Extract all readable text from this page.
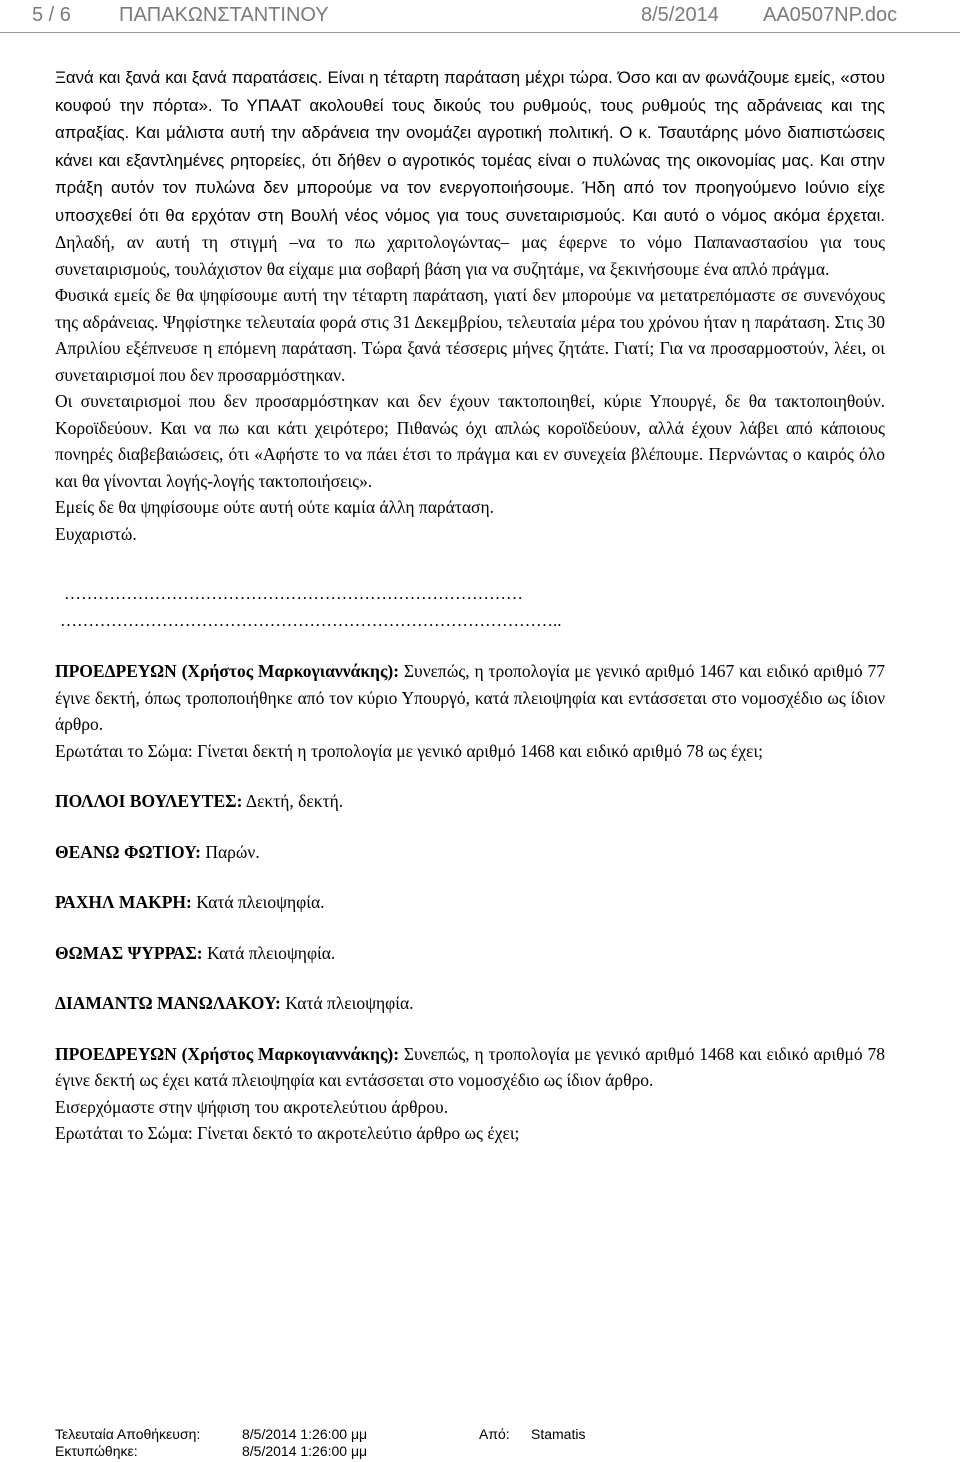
5 / 6 ΠΑΠΑΚΩΝΣΤΑΝΤΙΝΟΥ	8/5/2014 AA0507NP.doc

Ξανά και ξανά και ξανά παρατάσεις. Είναι η τέταρτη παράταση μέχρι τώρα. Όσο και αν φωνάζουμε εμείς, «στου κουφού την πόρτα». Το ΥΠΑΑΤ ακολουθεί τους δικούς του ρυθμούς, τους ρυθμούς της αδράνειας και της απραξίας. Και μάλιστα αυτή την αδράνεια την ονομάζει αγροτική πολιτική. Ο κ. Τσαυτάρης μόνο διαπιστώσεις κάνει και εξαντλημένες ρητορείες, ότι δήθεν ο αγροτικός τομέας είναι ο πυλώνας της οικονομίας μας. Και στην πράξη αυτόν τον πυλώνα δεν μπορούμε να τον ενεργοποιήσουμε. Ήδη από τον προηγούμενο Ιούνιο είχε υποσχεθεί ότι θα ερχόταν στη Βουλή νέος νόμος για τους συνεταιρισμούς. Και αυτό ο νόμος ακόμα έρχεται. Δηλαδή, αν αυτή τη στιγμή –να το πω χαριτολογώντας– μας έφερνε το νόμο Παπαναστασίου για τους συνεταιρισμούς, τουλάχιστον θα είχαμε μια σοβαρή βάση για να συζητάμε, να ξεκινήσουμε ένα απλό πράγμα.

Φυσικά εμείς δε θα ψηφίσουμε αυτή την τέταρτη παράταση, γιατί δεν μπορούμε να μετατρεπόμαστε σε συνενόχους της αδράνειας. Ψηφίστηκε τελευταία φορά στις 31 Δεκεμβρίου, τελευταία μέρα του χρόνου ήταν η παράταση. Στις 30 Απριλίου εξέπνευσε η επόμενη παράταση. Τώρα ξανά τέσσερις μήνες ζητάτε. Γιατί; Για να προσαρμοστούν, λέει, οι συνεταιρισμοί που δεν προσαρμόστηκαν.

Οι συνεταιρισμοί που δεν προσαρμόστηκαν και δεν έχουν τακτοποιηθεί, κύριε Υπουργέ, δε θα τακτοποιηθούν. Κοροϊδεύουν. Και να πω και κάτι χειρότερο; Πιθανώς όχι απλώς κοροϊδεύουν, αλλά έχουν λάβει από κάποιους πονηρές διαβεβαιώσεις, ότι «Αφήστε το να πάει έτσι το πράγμα και εν συνεχεία βλέπουμε. Περνώντας ο καιρός όλο και θα γίνονται λογής-λογής τακτοποιήσεις».

Εμείς δε θα ψηφίσουμε ούτε αυτή ούτε καμία άλλη παράταση.

Ευχαριστώ.

………………………………………………………………………

……………………………………………………………………………..

ΠΡΟΕΔΡΕΥΩΝ (Χρήστος Μαρκογιαννάκης): Συνεπώς, η τροπολογία με γενικό αριθμό 1467 και ειδικό αριθμό 77 έγινε δεκτή, όπως τροποποιήθηκε από τον κύριο Υπουργό, κατά πλειοψηφία και εντάσσεται στο νομοσχέδιο ως ίδιον άρθρο.

Ερωτάται το Σώμα: Γίνεται δεκτή η τροπολογία με γενικό αριθμό 1468 και ειδικό αριθμό 78 ως έχει;

ΠΟΛΛΟΙ ΒΟΥΛΕΥΤΕΣ: Δεκτή, δεκτή.

ΘΕΑΝΩ ΦΩΤΙΟΥ: Παρών.

ΡΑΧΗΛ ΜΑΚΡΗ: Κατά πλειοψηφία.

ΘΩΜΑΣ ΨΥΡΡΑΣ: Κατά πλειοψηφία.

ΔΙΑΜΑΝΤΩ ΜΑΝΩΛΑΚΟΥ: Κατά πλειοψηφία.

ΠΡΟΕΔΡΕΥΩΝ (Χρήστος Μαρκογιαννάκης): Συνεπώς, η τροπολογία με γενικό αριθμό 1468 και ειδικό αριθμό 78 έγινε δεκτή ως έχει κατά πλειοψηφία και εντάσσεται στο νομοσχέδιο ως ίδιον άρθρο.

Εισερχόμαστε στην ψήφιση του ακροτελεύτιου άρθρου.

Ερωτάται το Σώμα: Γίνεται δεκτό το ακροτελεύτιο άρθρο ως έχει;

Τελευταία Αποθήκευση:	8/5/2014 1:26:00 μμ	Από: Stamatis
Εκτυπώθηκε:	8/5/2014 1:26:00 μμ
